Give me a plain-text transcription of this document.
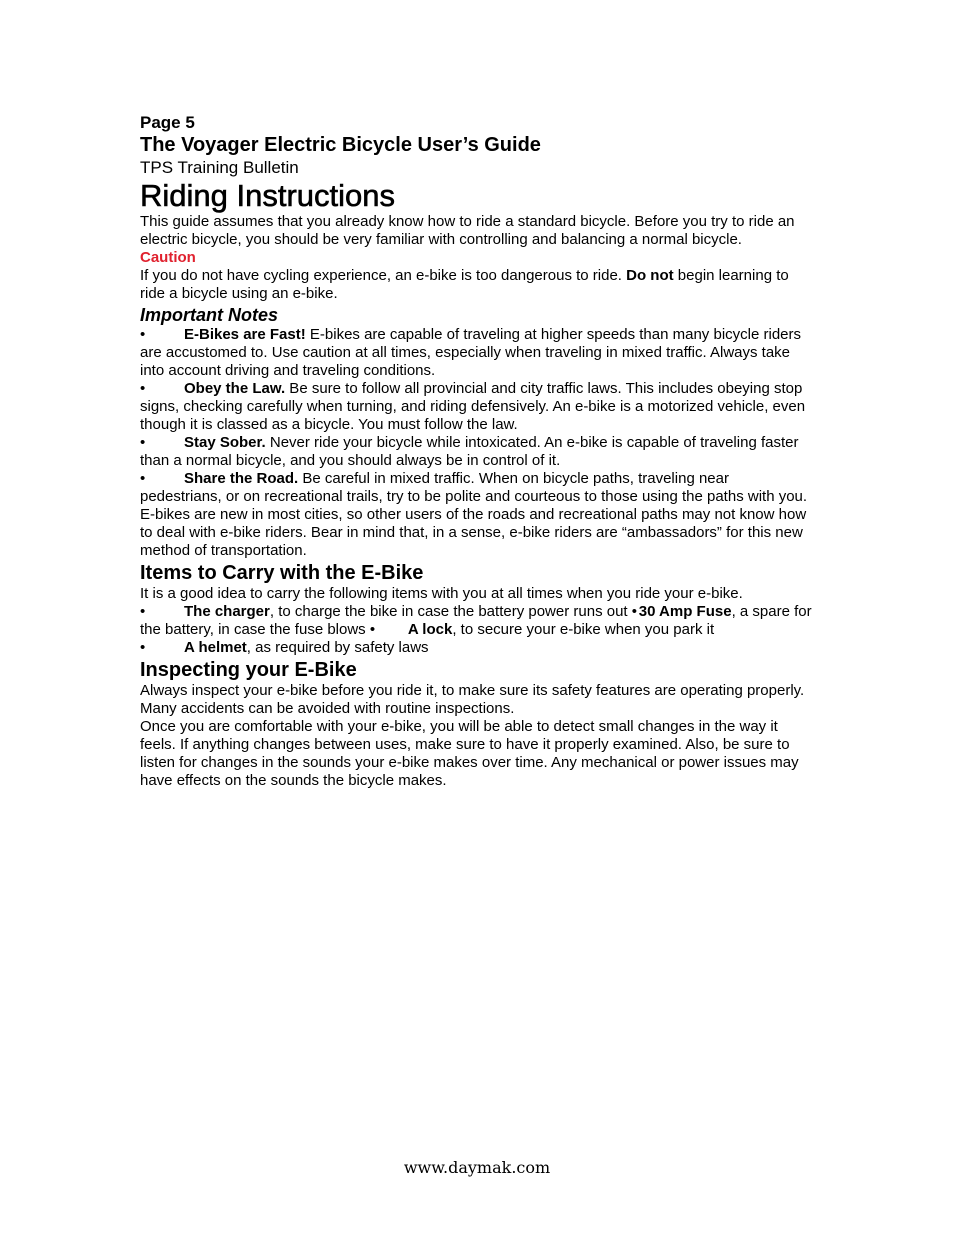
Page 5
The Voyager Electric Bicycle User’s Guide
TPS Training Bulletin
Riding Instructions

This guide assumes that you already know how to ride a standard bicycle. Before you try to ride an electric bicycle, you should be very familiar with controlling and balancing a normal bicycle.

Caution

If you do not have cycling experience, an e-bike is too dangerous to ride. Do not begin learning to ride a bicycle using an e-bike.

Important Notes

•	E-Bikes are Fast! E-bikes are capable of traveling at higher speeds than many bicycle riders are accustomed to. Use caution at all times, especially when traveling in mixed traffic. Always take into account driving and traveling conditions.

•	Obey the Law. Be sure to follow all provincial and city traffic laws. This includes obeying stop signs, checking carefully when turning, and riding defensively. An e-bike is a motorized vehicle, even though it is classed as a bicycle. You must follow the law.

•	Stay Sober. Never ride your bicycle while intoxicated. An e-bike is capable of traveling faster than a normal bicycle, and you should always be in control of it.

•	Share the Road. Be careful in mixed traffic. When on bicycle paths, traveling near pedestrians, or on recreational trails, try to be polite and courteous to those using the paths with you. E-bikes are new in most cities, so other users of the roads and recreational paths may not know how to deal with e-bike riders. Bear in mind that, in a sense, e-bike riders are “ambassadors” for this new method of transportation.

Items to Carry with the E-Bike

It is a good idea to carry the following items with you at all times when you ride your e-bike.

•	The charger, to charge the bike in case the battery power runs out • 30 Amp Fuse, a spare for the battery, in case the fuse blows • A lock, to secure your e-bike when you park it

•	A helmet, as required by safety laws

Inspecting your E-Bike

Always inspect your e-bike before you ride it, to make sure its safety features are operating properly. Many accidents can be avoided with routine inspections.

Once you are comfortable with your e-bike, you will be able to detect small changes in the way it feels. If anything changes between uses, make sure to have it properly examined. Also, be sure to listen for changes in the sounds your e-bike makes over time. Any mechanical or power issues may have effects on the sounds the bicycle makes.

www.daymak.com
